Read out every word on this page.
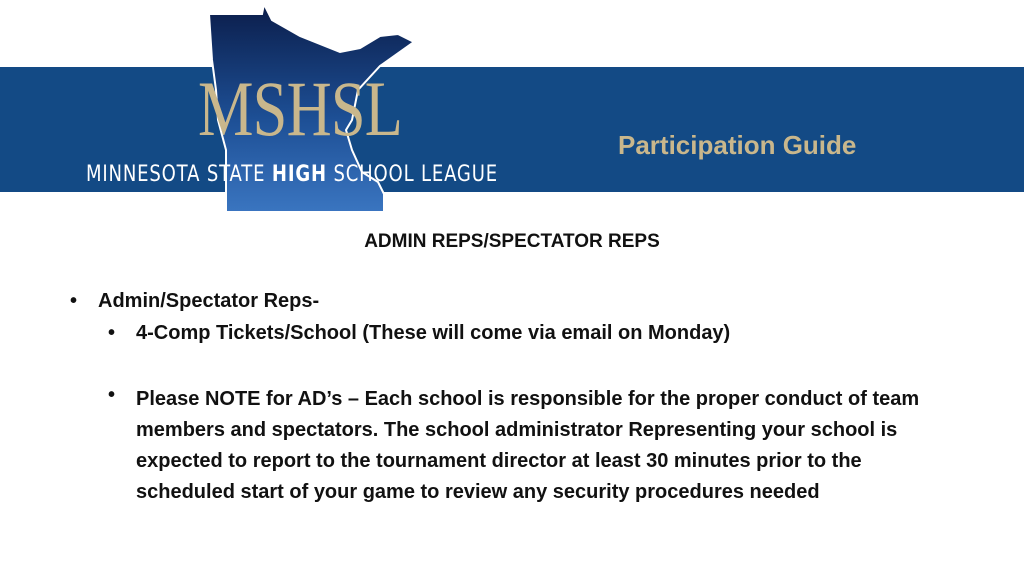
MSHSL
MINNESOTA STATE HIGH SCHOOL LEAGUE
Participation Guide
ADMIN REPS/SPECTATOR REPS
• Admin/Spectator Reps-
• 4-Comp Tickets/School (These will come via email on Monday)
• Please NOTE for AD’s – Each school is responsible for the proper conduct of team members and spectators. The school administrator Representing your school is expected to report to the tournament director at least 30 minutes prior to the scheduled start of your game to review any security procedures needed
